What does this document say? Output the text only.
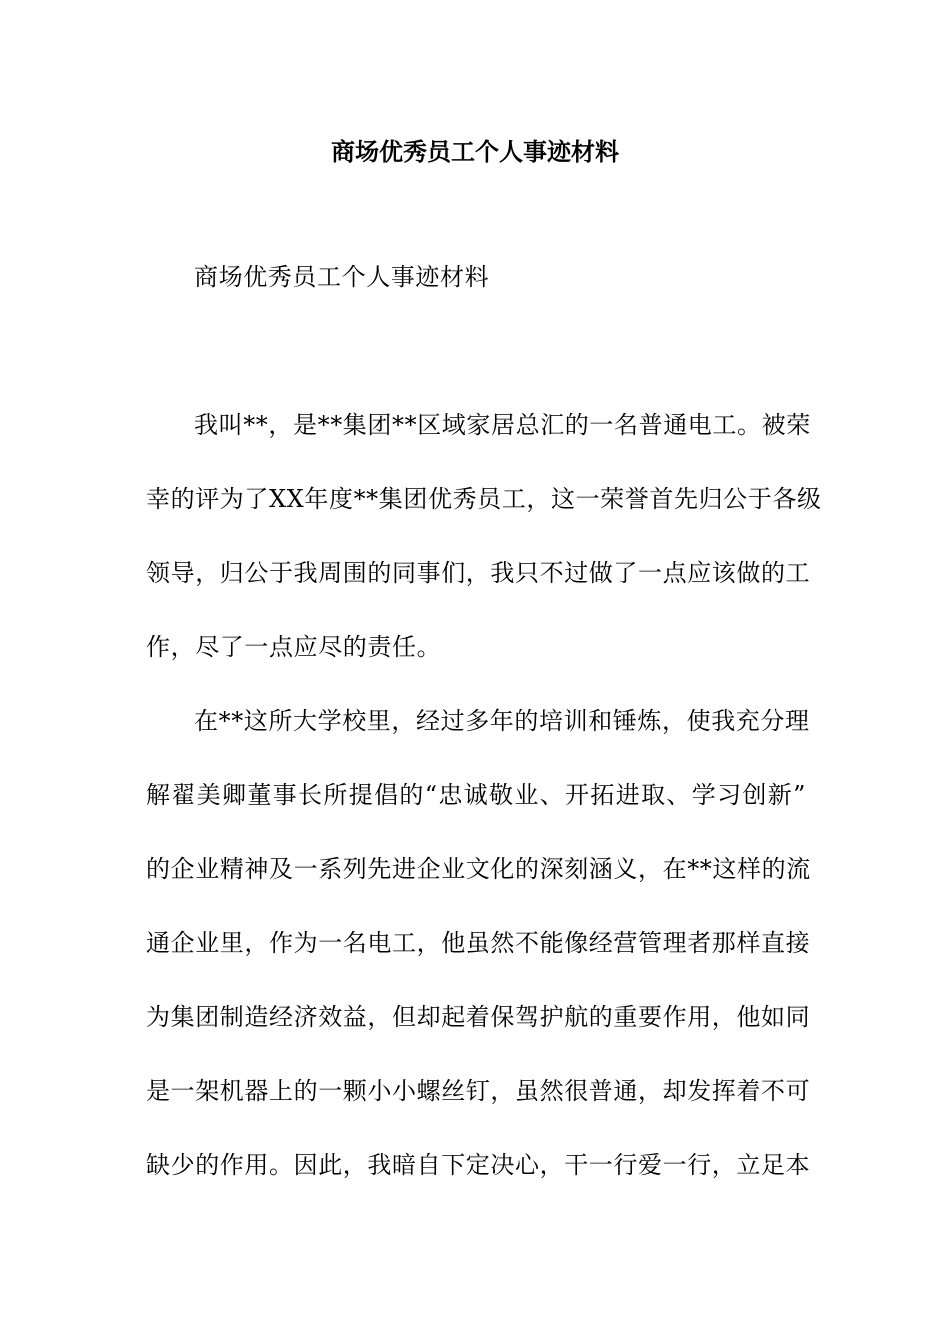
商场优秀员工个人事迹材料
商场优秀员工个人事迹材料
我叫**，是**集团**区域家居总汇的一名普通电工。被荣
幸的评为了XX年度**集团优秀员工，这一荣誉首先归公于各级
领导，归公于我周围的同事们，我只不过做了一点应该做的工
作，尽了一点应尽的责任。
在**这所大学校里，经过多年的培训和锤炼，使我充分理
解翟美卿董事长所提倡的“忠诚敬业、开拓进取、学习创新”
的企业精神及一系列先进企业文化的深刻涵义，在**这样的流
通企业里，作为一名电工，他虽然不能像经营管理者那样直接
为集团制造经济效益，但却起着保驾护航的重要作用，他如同
是一架机器上的一颗小小螺丝钉，虽然很普通，却发挥着不可
缺少的作用。因此，我暗自下定决心，干一行爱一行，立足本
